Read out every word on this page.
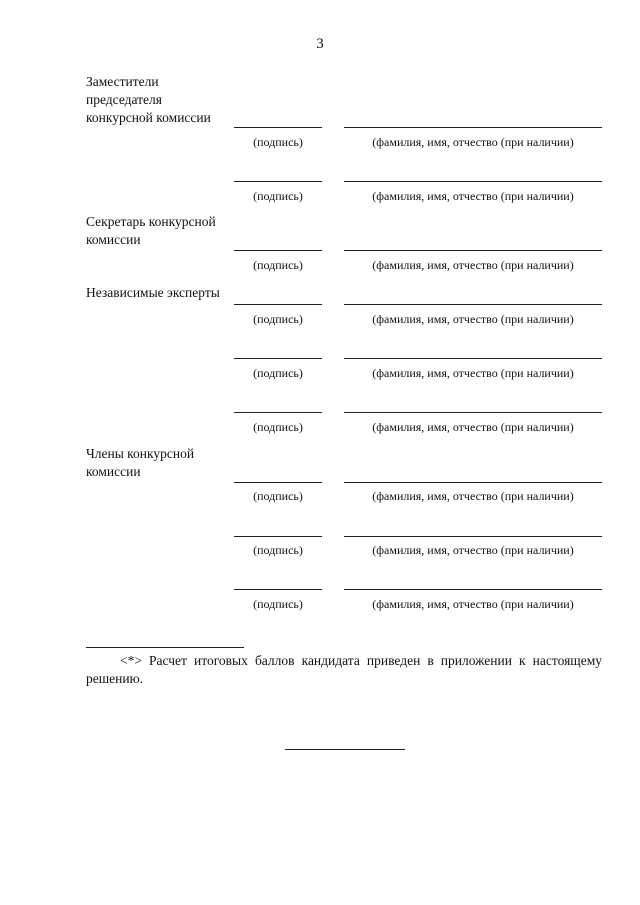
3
Заместители
председателя
конкурсной комиссии
(подпись)	(фамилия, имя, отчество (при наличии)
(подпись)	(фамилия, имя, отчество (при наличии)
Секретарь конкурсной
комиссии
(подпись)	(фамилия, имя, отчество (при наличии)
Независимые эксперты
(подпись)	(фамилия, имя, отчество (при наличии)
(подпись)	(фамилия, имя, отчество (при наличии)
(подпись)	(фамилия, имя, отчество (при наличии)
Члены конкурсной
комиссии
(подпись)	(фамилия, имя, отчество (при наличии)
(подпись)	(фамилия, имя, отчество (при наличии)
(подпись)	(фамилия, имя, отчество (при наличии)
<*> Расчет итоговых баллов кандидата приведен в приложении к настоящему решению.
